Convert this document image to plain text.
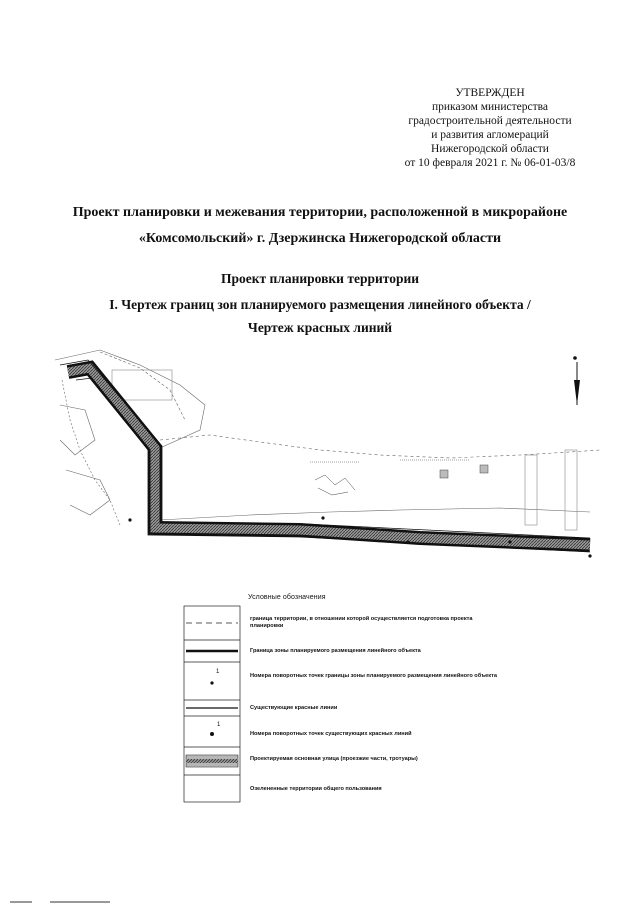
УТВЕРЖДЕН
приказом министерства
градостроительной деятельности
и развития агломераций
Нижегородской области
от 10 февраля 2021 г. № 06-01-03/8
Проект планировки и межевания территории, расположенной в микрорайоне
«Комсомольский» г. Дзержинска Нижегородской области
Проект планировки территории
I. Чертеж границ зон планируемого размещения линейного объекта /
Чертеж красных линий
Условные обозначения
граница территории, в отношении которой осуществляется подготовка проекта планировки
Граница зоны планируемого размещения линейного объекта
1
Номера поворотных точек границы зоны планируемого размещения линейного объекта
Существующие красные линии
1
Номера поворотных точек существующих красных линий
Проектируемая основная улица (проезжие части, тротуары)
Озелененные территории общего пользования
